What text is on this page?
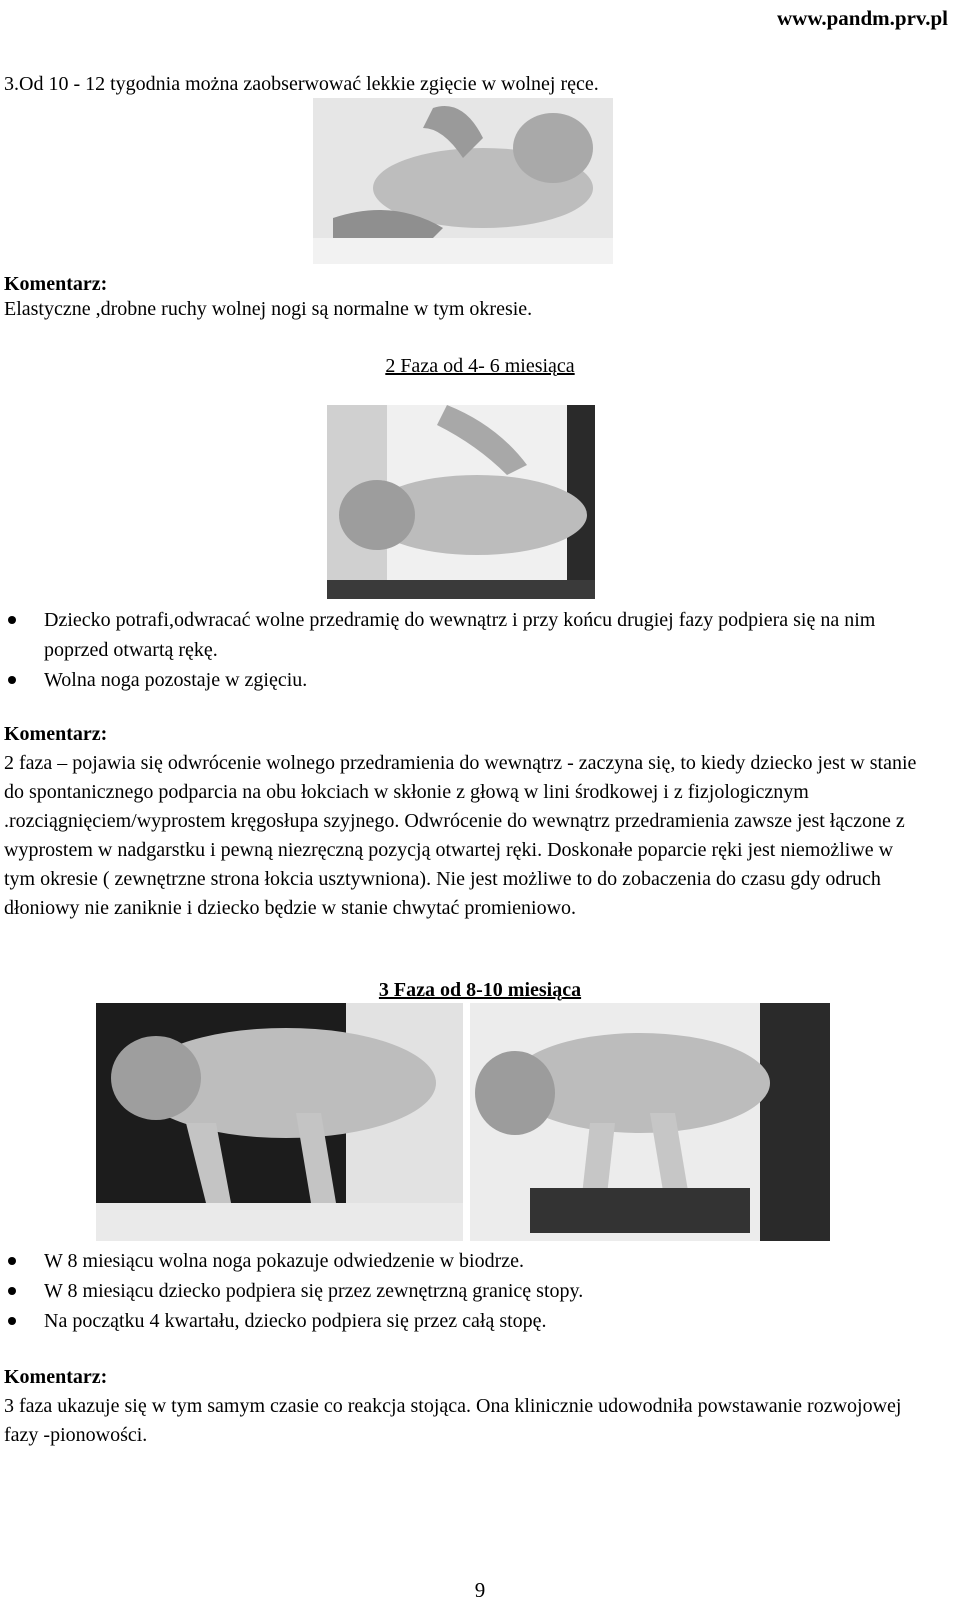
www.pandm.prv.pl
3.Od 10 - 12 tygodnia można zaobserwować lekkie zgięcie w wolnej ręce.
Komentarz:
Elastyczne ,drobne ruchy wolnej nogi są normalne w tym okresie.
2 Faza od 4- 6 miesiąca
Dziecko potrafi,odwracać wolne przedramię do wewnątrz i przy końcu drugiej fazy podpiera się na nim poprzed otwartą rękę.
Wolna noga pozostaje w zgięciu.
Komentarz:
2 faza – pojawia się odwrócenie wolnego przedramienia do wewnątrz - zaczyna się, to kiedy dziecko jest w stanie do spontanicznego podparcia na obu łokciach w skłonie z głową w lini środkowej i z fizjologicznym .rozciągnięciem/wyprostem kręgosłupa szyjnego. Odwrócenie do wewnątrz przedramienia zawsze jest łączone z wyprostem w nadgarstku i pewną niezręczną pozycją otwartej ręki. Doskonałe poparcie ręki jest niemożliwe w tym okresie ( zewnętrzne strona łokcia usztywniona). Nie jest możliwe to do zobaczenia do czasu gdy odruch dłoniowy nie zaniknie i dziecko będzie w stanie chwytać promieniowo.
3 Faza od 8-10 miesiąca
W 8 miesiącu wolna noga pokazuje odwiedzenie w biodrze.
W 8 miesiącu dziecko podpiera się przez zewnętrzną granicę stopy.
Na początku 4 kwartału, dziecko podpiera się przez całą stopę.
Komentarz:
3 faza ukazuje się w tym samym czasie co reakcja stojąca. Ona klinicznie udowodniła powstawanie rozwojowej fazy -pionowości.
9
